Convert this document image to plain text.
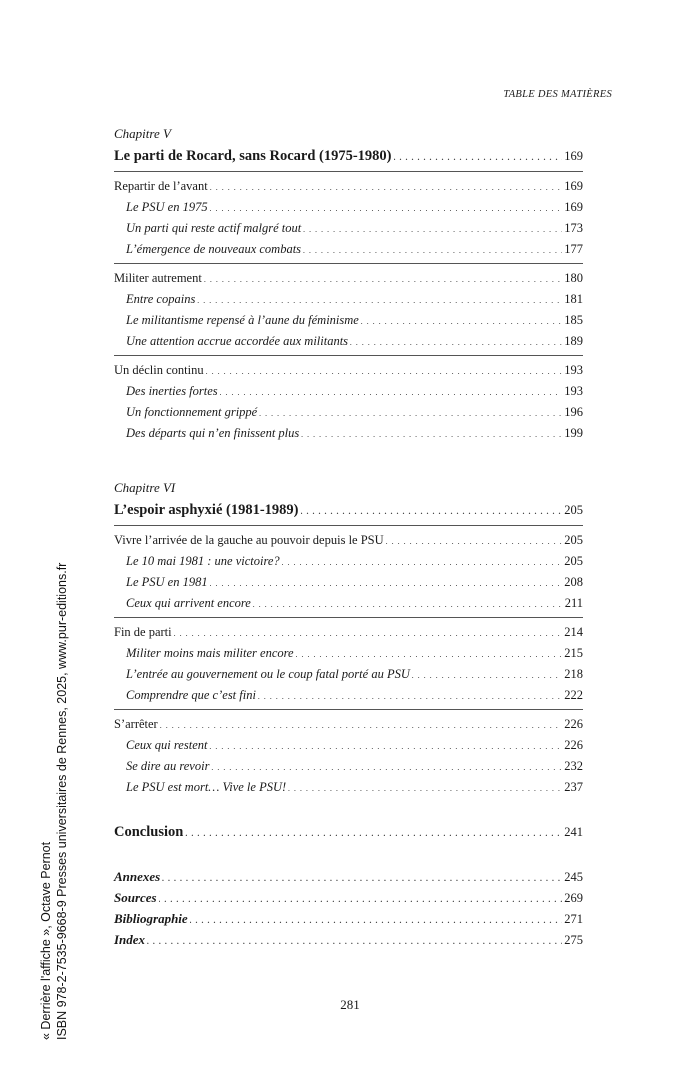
TABLE DES MATIÈRES
Chapitre V
Le parti de Rocard, sans Rocard (1975-1980) . . .	169
Repartir de l’avant . . .	169
Le PSU en 1975 . . .	169
Un parti qui reste actif malgré tout . . .	173
L’émergence de nouveaux combats . . .	177
Militer autrement . . .	180
Entre copains . . .	181
Le militantisme repensé à l’aune du féminisme . . .	185
Une attention accrue accordée aux militants . . .	189
Un déclin continu . . .	193
Des inerties fortes . . .	193
Un fonctionnement grippé . . .	196
Des départs qui n’en finissent plus . . .	199
Chapitre VI
L’espoir asphyxié (1981-1989) . . .	205
Vivre l’arrivée de la gauche au pouvoir depuis le PSU . . .	205
Le 10 mai 1981 : une victoire? . . .	205
Le PSU en 1981 . . .	208
Ceux qui arrivent encore . . .	211
Fin de parti . . .	214
Militer moins mais militer encore . . .	215
L’entrée au gouvernement ou le coup fatal porté au PSU . . .	218
Comprendre que c’est fini . . .	222
S’arrêter . . .	226
Ceux qui restent . . .	226
Se dire au revoir . . .	232
Le PSU est mort… Vive le PSU! . . .	237
Conclusion . . .	241
Annexes . . .	245
Sources . . .	269
Bibliographie . . .	271
Index . . .	275
281
« Derrière l'affiche », Octave Pernot ISBN 978-2-7535-9668-9 Presses universitaires de Rennes, 2025, www.pur-editions.fr
